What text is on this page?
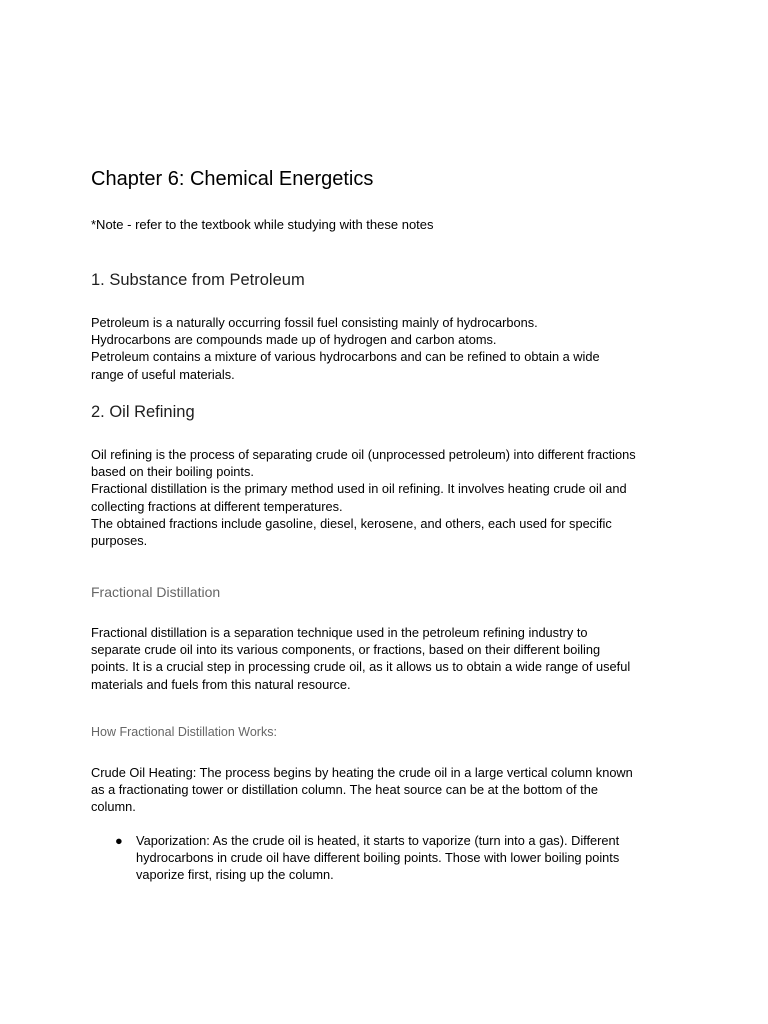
Chapter 6: Chemical Energetics
*Note - refer to the textbook while studying with these notes
1. Substance from Petroleum
Petroleum is a naturally occurring fossil fuel consisting mainly of hydrocarbons.
Hydrocarbons are compounds made up of hydrogen and carbon atoms.
Petroleum contains a mixture of various hydrocarbons and can be refined to obtain a wide
range of useful materials.
2. Oil Refining
Oil refining is the process of separating crude oil (unprocessed petroleum) into different fractions
based on their boiling points.
Fractional distillation is the primary method used in oil refining. It involves heating crude oil and
collecting fractions at different temperatures.
The obtained fractions include gasoline, diesel, kerosene, and others, each used for specific
purposes.
Fractional Distillation
Fractional distillation is a separation technique used in the petroleum refining industry to
separate crude oil into its various components, or fractions, based on their different boiling
points. It is a crucial step in processing crude oil, as it allows us to obtain a wide range of useful
materials and fuels from this natural resource.
How Fractional Distillation Works:
Crude Oil Heating: The process begins by heating the crude oil in a large vertical column known
as a fractionating tower or distillation column. The heat source can be at the bottom of the
column.
● Vaporization: As the crude oil is heated, it starts to vaporize (turn into a gas). Different
hydrocarbons in crude oil have different boiling points. Those with lower boiling points
vaporize first, rising up the column.
